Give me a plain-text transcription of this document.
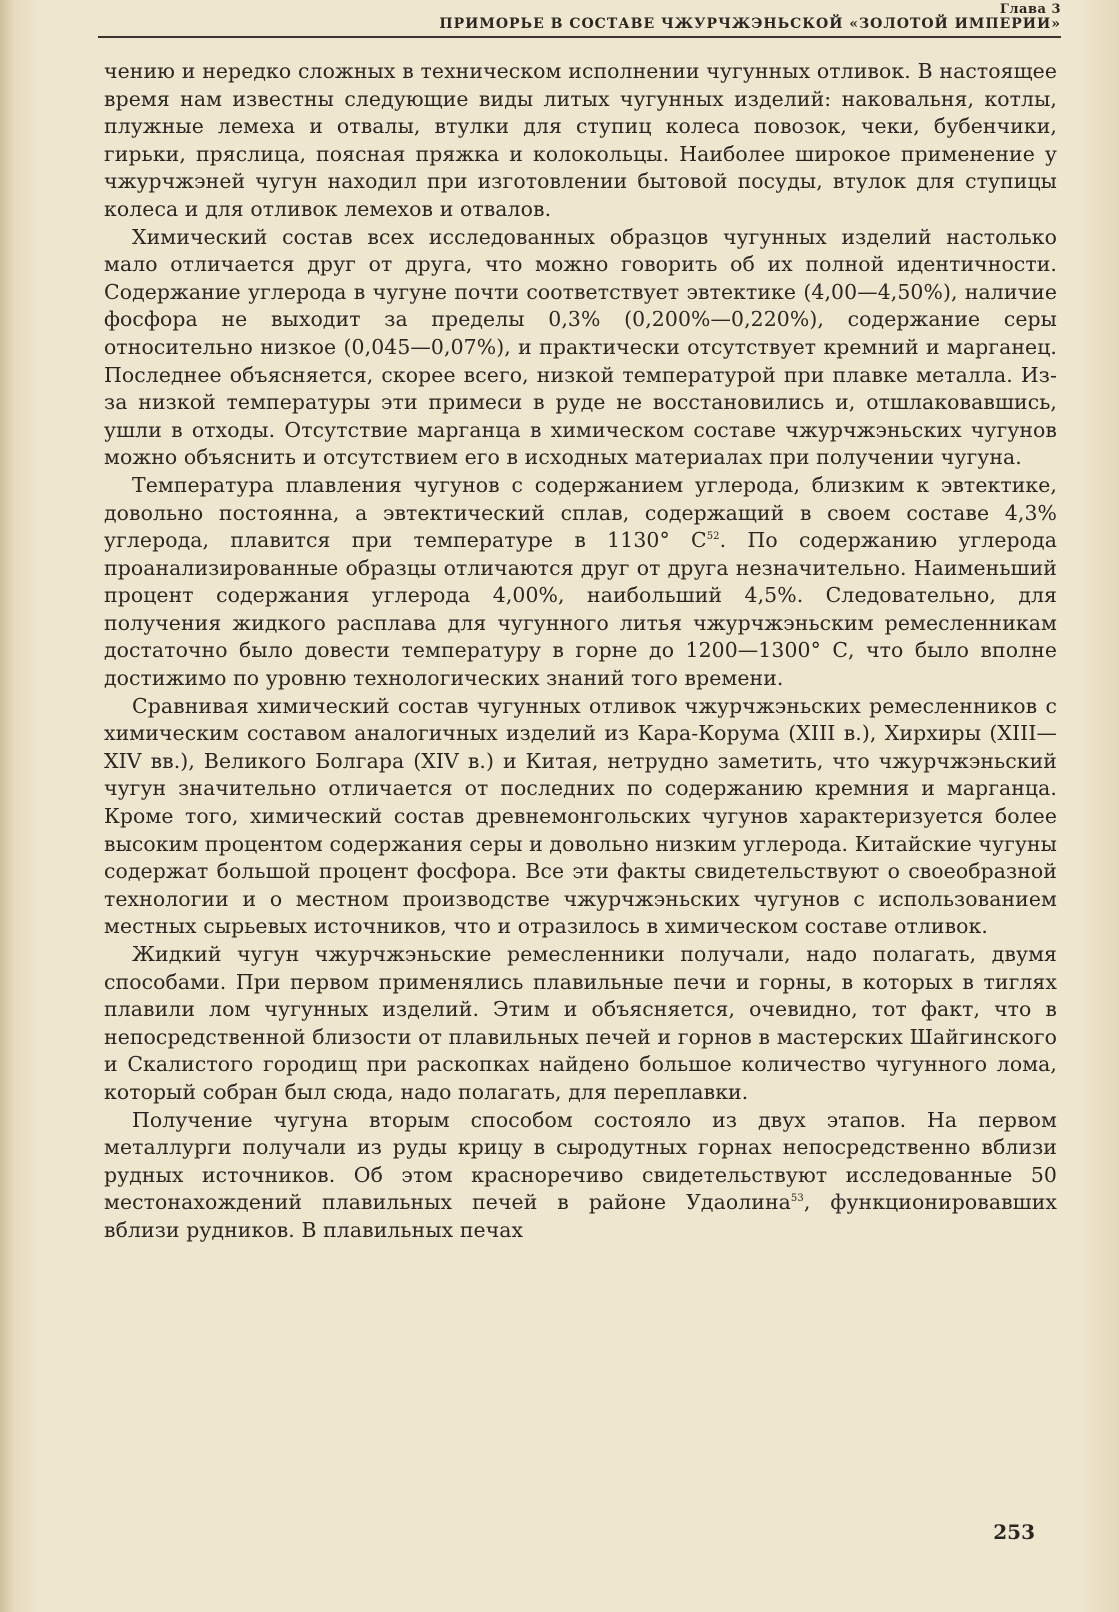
Глава 3
ПРИМОРЬЕ В СОСТАВЕ ЧЖУРЧЖЭНЬСКОЙ «ЗОЛОТОЙ ИМПЕРИИ»

чению и нередко сложных в техническом исполнении чугунных отливок. В настоящее время нам известны следующие виды литых чугунных изделий: наковальня, котлы, плужные лемеха и отвалы, втулки для ступиц колеса повозок, чеки, бубенчики, гирьки, пряслица, поясная пряжка и колокольцы. Наиболее широкое применение у чжурчжэней чугун находил при изготовлении бытовой посуды, втулок для ступицы колеса и для отливок лемехов и отвалов.

Химический состав всех исследованных образцов чугунных изделий настолько мало отличается друг от друга, что можно говорить об их полной идентичности. Содержание углерода в чугуне почти соответствует эвтектике (4,00—4,50%), наличие фосфора не выходит за пределы 0,3% (0,200%—0,220%), содержание серы относительно низкое (0,045—0,07%), и практически отсутствует кремний и марганец. Последнее объясняется, скорее всего, низкой температурой при плавке металла. Из-за низкой температуры эти примеси в руде не восстановились и, отшлаковавшись, ушли в отходы. Отсутствие марганца в химическом составе чжурчжэньских чугунов можно объяснить и отсутствием его в исходных материалах при получении чугуна.

Температура плавления чугунов с содержанием углерода, близким к эвтектике, довольно постоянна, а эвтектический сплав, содержащий в своем составе 4,3% углерода, плавится при температуре в 1130° $С^{52}$. По содержанию углерода проанализированные образцы отличаются друг от друга незначительно. Наименьший процент содержания углерода 4,00%, наибольший 4,5%. Следовательно, для получения жидкого расплава для чугунного литья чжурчжэньским ремесленникам достаточно было довести температуру в горне до 1200—1300° С, что было вполне достижимо по уровню технологических знаний того времени.

Сравнивая химический состав чугунных отливок чжурчжэньских ремесленников с химическим составом аналогичных изделий из Кара-Корума (XIII в.), Хирхиры (XIII—XIV вв.), Великого Болгара (XIV в.) и Китая, нетрудно заметить, что чжурчжэньский чугун значительно отличается от последних по содержанию кремния и марганца. Кроме того, химический состав древнемонгольских чугунов характеризуется более высоким процентом содержания серы и довольно низким углерода. Китайские чугуны содержат большой процент фосфора. Все эти факты свидетельствуют о своеобразной технологии и о местном производстве чжурчжэньских чугунов с использованием местных сырьевых источников, что и отразилось в химическом составе отливок.

Жидкий чугун чжурчжэньские ремесленники получали, надо полагать, двумя способами. При первом применялись плавильные печи и горны, в которых в тиглях плавили лом чугунных изделий. Этим и объясняется, очевидно, тот факт, что в непосредственной близости от плавильных печей и горнов в мастерских Шайгинского и Скалистого городищ при раскопках найдено большое количество чугунного лома, который собран был сюда, надо полагать, для переплавки.

Получение чугуна вторым способом состояло из двух этапов. На первом металлурги получали из руды крицу в сыродутных горнах непосредственно вблизи рудных источников. Об этом красноречиво свидетельствуют исследованные 50 местонахождений плавильных печей в районе Удаолина$^{53}$, функционировавших вблизи рудников. В плавильных печах

253
